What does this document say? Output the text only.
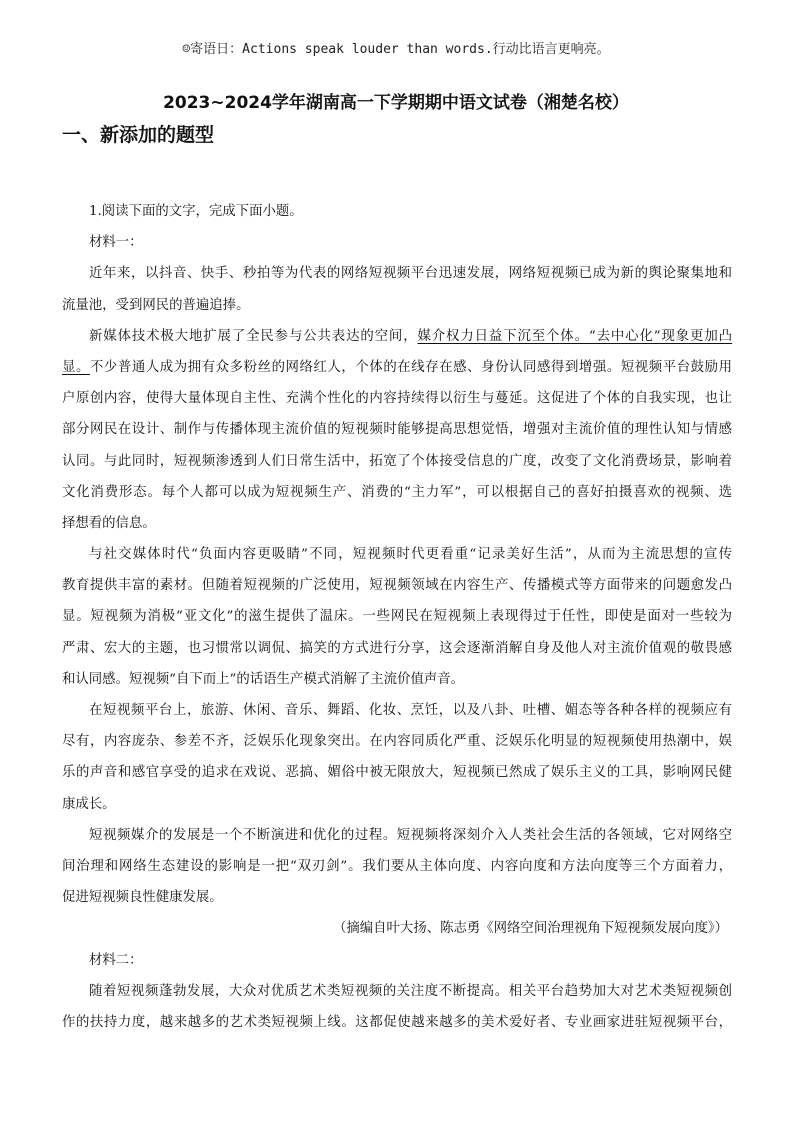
☺寄语日：Actions speak louder than words.行动比语言更响亮。
2023~2024学年湖南高一下学期期中语文试卷（湘楚名校）
一、新添加的题型
1.阅读下面的文字，完成下面小题。
材料一：
近年来，以抖音、快手、秒拍等为代表的网络短视频平台迅速发展，网络短视频已成为新的舆论聚集地和
流量池，受到网民的普遍追捧。
新媒体技术极大地扩展了全民参与公共表达的空间，媒介权力日益下沉至个体。“去中心化”现象更加凸
显。不少普通人成为拥有众多粉丝的网络红人，个体的在线存在感、身份认同感得到增强。短视频平台鼓励用
户原创内容，使得大量体现自主性、充满个性化的内容持续得以衍生与蔓延。这促进了个体的自我实现，也让
部分网民在设计、制作与传播体现主流价值的短视频时能够提高思想觉悟，增强对主流价值的理性认知与情感
认同。与此同时，短视频渗透到人们日常生活中，拓宽了个体接受信息的广度，改变了文化消费场景，影响着
文化消费形态。每个人都可以成为短视频生产、消费的“主力军”，可以根据自己的喜好拍摄喜欢的视频、选
择想看的信息。
与社交媒体时代“负面内容更吸睛”不同，短视频时代更看重“记录美好生活”，从而为主流思想的宣传
教育提供丰富的素材。但随着短视频的广泛使用，短视频领域在内容生产、传播模式等方面带来的问题愈发凸
显。短视频为消极“亚文化”的滋生提供了温床。一些网民在短视频上表现得过于任性，即使是面对一些较为
严肃、宏大的主题，也习惯常以调侃、搞笑的方式进行分享，这会逐渐消解自身及他人对主流价值观的敬畏感
和认同感。短视频“自下而上”的话语生产模式消解了主流价值声音。
在短视频平台上，旅游、休闲、音乐、舞蹈、化妆、烹饪，以及八卦、吐槽、媚态等各种各样的视频应有
尽有，内容庞杂、参差不齐，泛娱乐化现象突出。在内容同质化严重、泛娱乐化明显的短视频使用热潮中，娱
乐的声音和感官享受的追求在戏说、恶搞、媚俗中被无限放大，短视频已然成了娱乐主义的工具，影响网民健
康成长。
短视频媒介的发展是一个不断演进和优化的过程。短视频将深刻介入人类社会生活的各领域，它对网络空
间治理和网络生态建设的影响是一把“双刃剑”。我们要从主体向度、内容向度和方法向度等三个方面着力，
促进短视频良性健康发展。
（摘编自叶大扬、陈志勇《网络空间治理视角下短视频发展向度》）
材料二：
随着短视频蓬勃发展，大众对优质艺术类短视频的关注度不断提高。相关平台趋势加大对艺术类短视频创
作的扶持力度，越来越多的艺术类短视频上线。这都促使越来越多的美术爱好者、专业画家进驻短视频平台，
